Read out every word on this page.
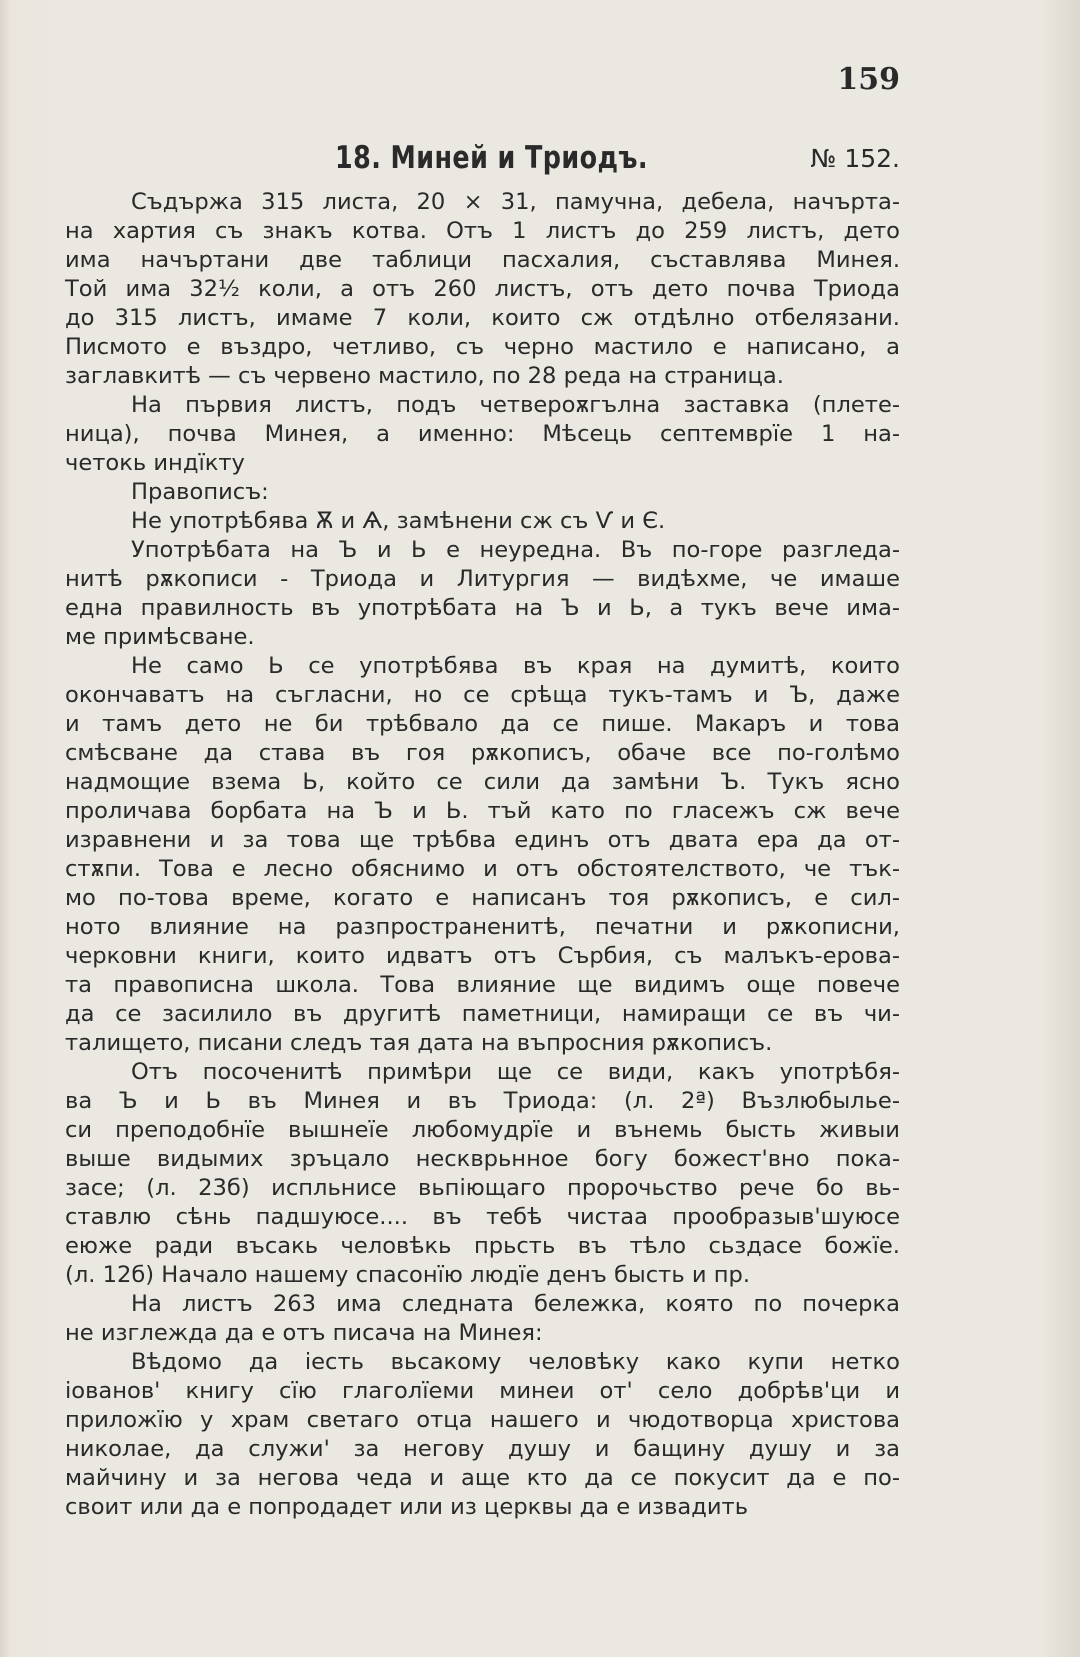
159
18. Миней и Триодъ.	№ 152.
Съдържа 315 листа, 20 × 31, памучна, дебела, начърта-
на хартия съ знакъ котва. Отъ 1 листъ до 259 листъ, дето
има начъртани две таблици пасхалия, съставлява Минея.
Той има 32½ коли, а отъ 260 листъ, отъ дето почва Триода
до 315 листъ, имаме 7 коли, които сж отдѣлно отбелязани.
Писмото е въздро, четливо, съ черно мастило е написано, а
заглавкитѣ — съ червено мастило, по 28 реда на страница.
На първия листъ, подъ четвероѫгълна заставка (плете-
ница), почва Минея, а именно: Мѣсець септемврїе 1 на-
четокь индїкту
Правописъ:
Не употрѣбява Ѫ и Ѧ, замѣнени сж съ Ѵ и Є.
Употрѣбата на Ъ и Ь е неуредна. Въ по-горе разгледа-
нитѣ рѫкописи - Триода и Литургия — видѣхме, че имаше
една правилность въ употрѣбата на Ъ и Ь, а тукъ вече има-
ме примѣсване.
Не само Ь се употрѣбява въ края на думитѣ, които
окончаватъ на съгласни, но се срѣща тукъ-тамъ и Ъ, даже
и тамъ дето не би трѣбвало да се пише. Макаръ и това
смѣсване да става въ гоя рѫкописъ, обаче все по-голѣмо
надмощие взема Ь, който се сили да замѣни Ъ. Тукъ ясно
проличава борбата на Ъ и Ь. тъй като по гласежъ сж вече
изравнени и за това ще трѣбва единъ отъ двата ера да от-
стѫпи. Това е лесно обяснимо и отъ обстоятелството, че тък-
мо по-това време, когато е написанъ тоя рѫкописъ, е сил-
ното влияние на разпространенитѣ, печатни и рѫкописни,
черковни книги, които идватъ отъ Сърбия, съ малъкъ-ерова-
та правописна школа. Това влияние ще видимъ още повече
да се засилило въ другитѣ паметници, намиращи се въ чи-
талището, писани следъ тая дата на въпросния рѫкописъ.
Отъ посоченитѣ примѣри ще се види, какъ употрѣбя-
ва Ъ и Ь въ Минея и въ Триода: (л. 2ª) Възлюбылье-
си преподобнїе вышнеїе любомудрїе и вънемь бысть живыи
выше видымих зръцало нескврьнное богу божест'вно пока-
засе; (л. 23б) испльнисе вьпіющаго пророчьство рече бо вь-
ставлю сѣнь падшуюсе.... въ тебѣ чистаа прообразыв'шуюсе
еюже ради въсакь человѣкь прьсть въ тѣло сьздасе божїе.
(л. 12б) Начало нашему спасонїю людїе денъ бысть и пр.
На листъ 263 има следната бележка, която по почерка
не изглежда да е отъ писача на Минея:
Вѣдомо да іесть вьсакому человѣку како купи нетко
іованов' книгу сїю глаголїеми минеи от' село добрѣв'ци и
приложїю у храм светаго отца нашего и чюдотворца христова
николае, да служи' за негову душу и бащину душу и за
майчину и за негова чеда и аще кто да се покусит да е по-
своит или да е попродадет или из церквы да е извадить
